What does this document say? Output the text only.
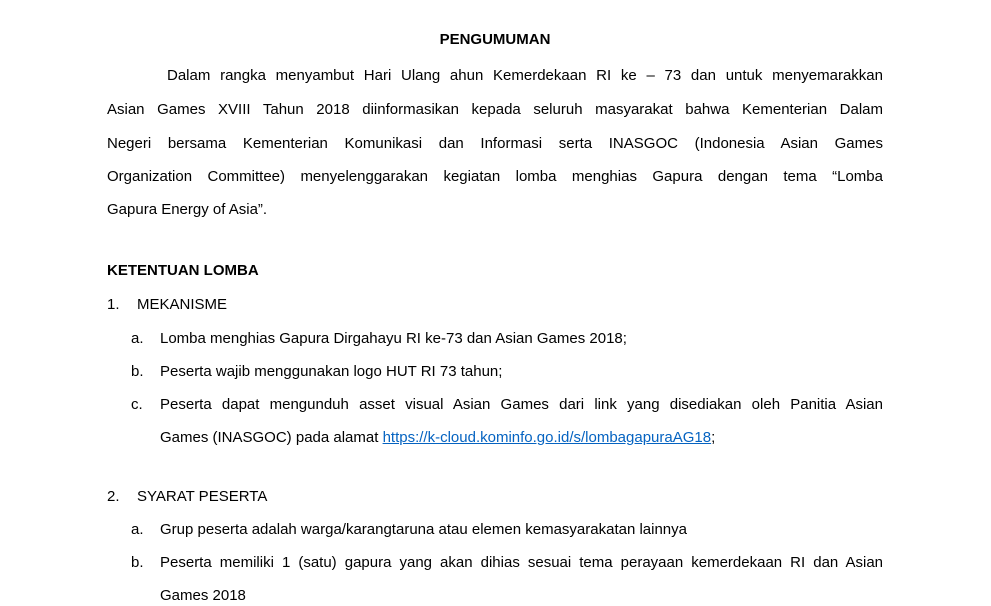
PENGUMUMAN
Dalam rangka menyambut Hari Ulang ahun Kemerdekaan RI ke – 73 dan untuk menyemarakkan
Asian Games XVIII Tahun 2018 diinformasikan kepada seluruh masyarakat bahwa Kementerian Dalam
Negeri bersama Kementerian Komunikasi dan Informasi serta INASGOC (Indonesia Asian Games
Organization Committee) menyelenggarakan kegiatan lomba menghias Gapura dengan tema “Lomba
Gapura Energy of Asia”.
KETENTUAN LOMBA
1. MEKANISME
a. Lomba menghias Gapura Dirgahayu RI ke-73 dan Asian Games 2018;
b. Peserta wajib menggunakan logo HUT RI 73 tahun;
c. Peserta dapat mengunduh asset visual Asian Games dari link yang disediakan oleh Panitia Asian
Games (INASGOC) pada alamat https://k-cloud.kominfo.go.id/s/lombagapuraAG18;
2. SYARAT PESERTA
a. Grup peserta adalah warga/karangtaruna atau elemen kemasyarakatan lainnya
b. Peserta memiliki 1 (satu) gapura yang akan dihias sesuai tema perayaan kemerdekaan RI dan Asian
Games 2018
